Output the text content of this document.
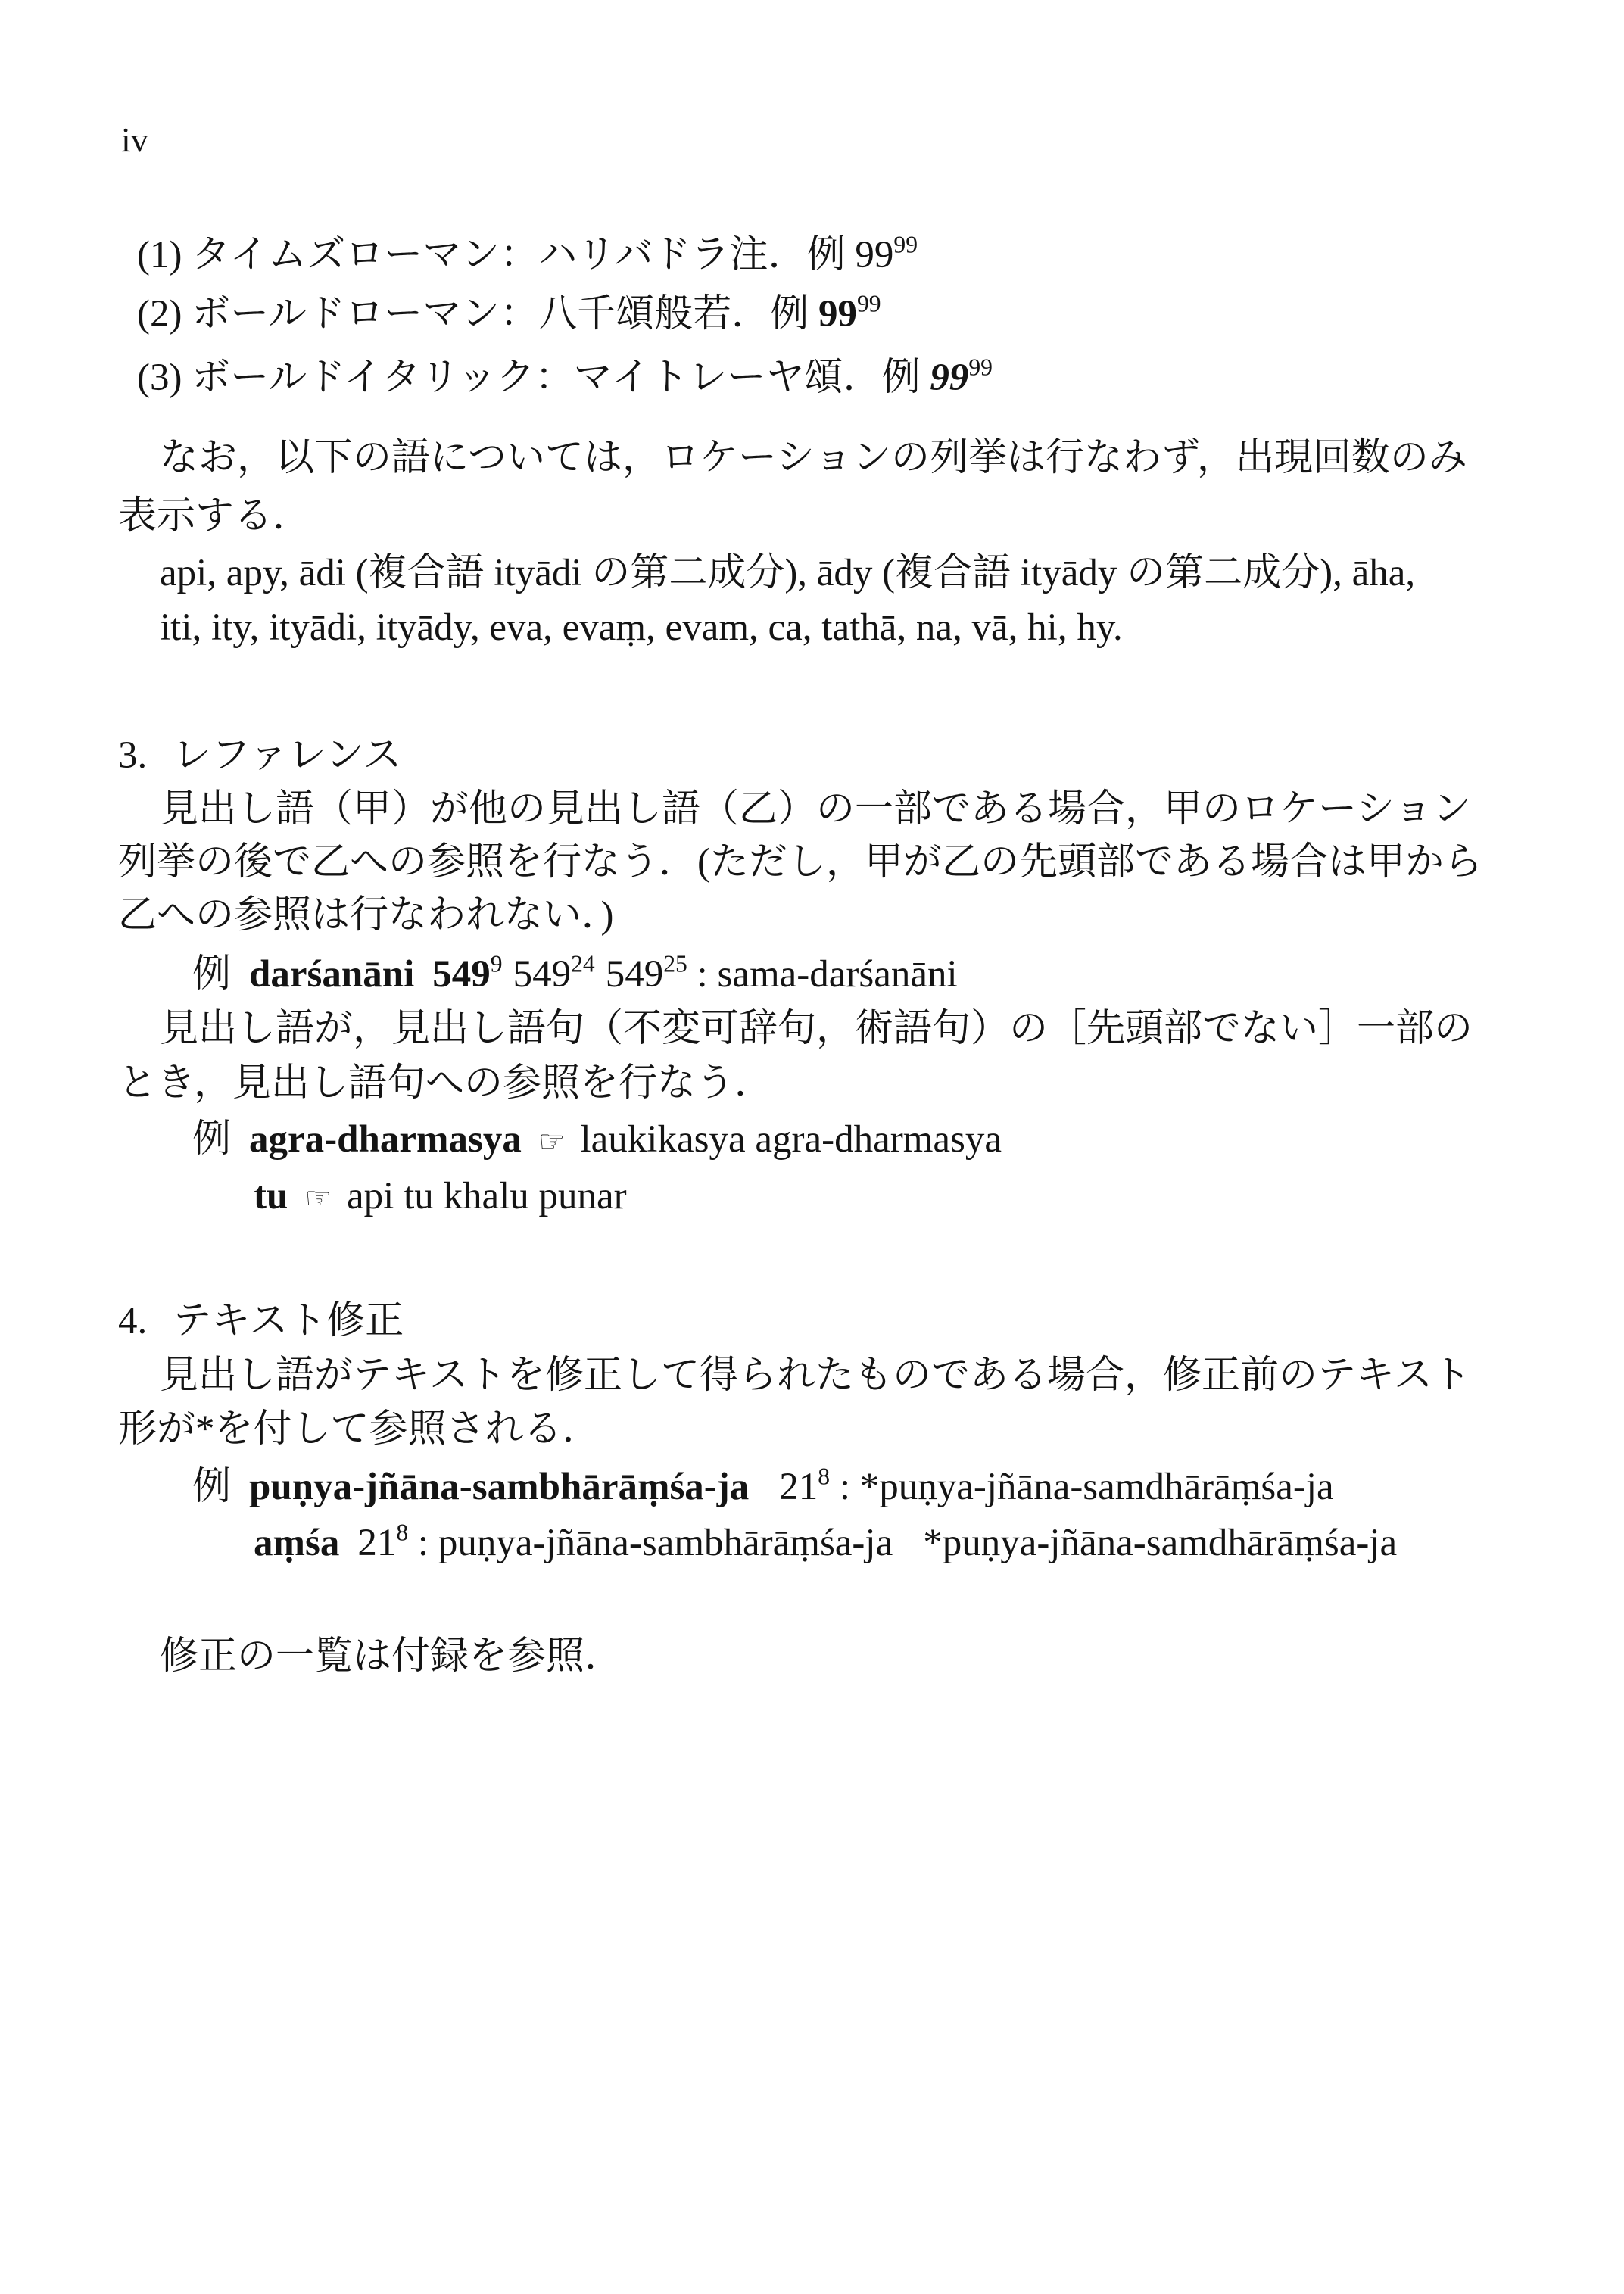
iv
(1) タイムズローマン：ハリバドラ注．例 $99^{99}$
(2) ボールドローマン：八千頌般若．例 $99^{99}$
(3) ボールドイタリック：マイトレーヤ頌．例 $99^{99}$
なお，以下の語については，ロケーションの列挙は行なわず，出現回数のみ
表示する．
api, apy, ādi (複合語 ityādi の第二成分), ādy (複合語 ityādy の第二成分), āha,
iti, ity, ityādi, ityādy, eva, evaṃ, evam, ca, tathā, na, vā, hi, hy.
3. レファレンス
見出し語（甲）が他の見出し語（乙）の一部である場合，甲のロケーション
列挙の後で乙への参照を行なう．(ただし，甲が乙の先頭部である場合は甲から
乙への参照は行なわれない．)
例 darśanāni $549^9$ $549^{24}$ $549^{25}$ : sama-darśanāni
見出し語が，見出し語句（不変可辞句，術語句）の［先頭部でない］一部の
とき，見出し語句への参照を行なう．
例 agra-dharmasya ☞ laukikasya agra-dharmasya
tu ☞ api tu khalu punar
4. テキスト修正
見出し語がテキストを修正して得られたものである場合，修正前のテキスト
形が*を付して参照される．
例 puṇya-jñāna-sambhārāṃśa-ja $21^8$ : *puṇya-jñāna-samdhārāṃśa-ja
aṃśa $21^8$ : puṇya-jñāna-sambhārāṃśa-ja *puṇya-jñāna-samdhārāṃśa-ja
修正の一覧は付録を参照．
